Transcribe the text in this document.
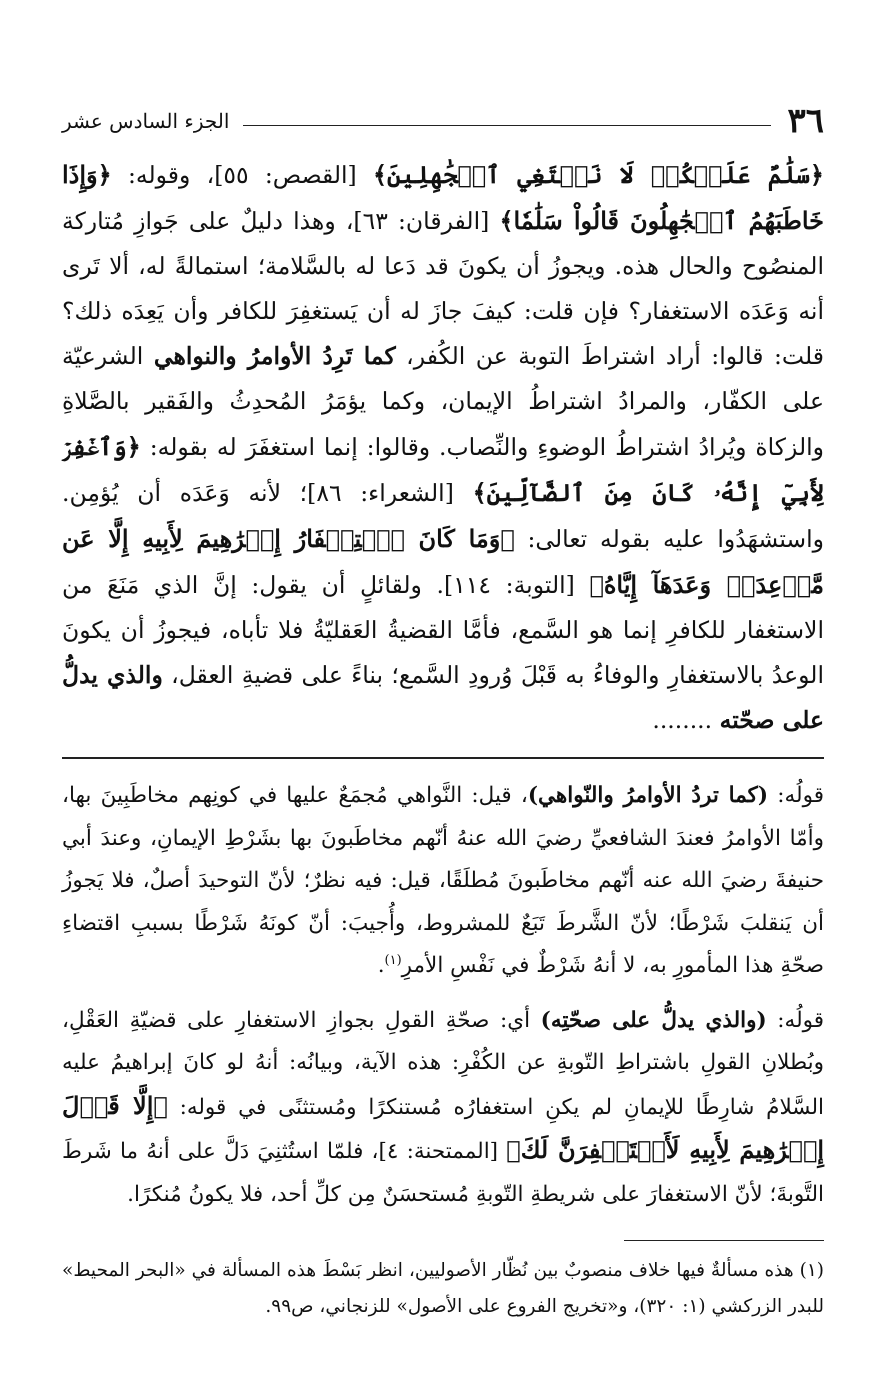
٣٦
الجزء السادس عشر

﴿سَلَٰمٌ عَلَيۡكُمۡ لَا نَبۡتَغِي ٱلۡجَٰهِلِينَ﴾ [القصص: ٥٥]، وقوله: ﴿وَإِذَا خَاطَبَهُمُ ٱلۡجَٰهِلُونَ قَالُواْ سَلَٰمٗا﴾ [الفرقان: ٦٣]، وهذا دليلٌ على جَوازِ مُتاركة المنصُوح والحال هذه. ويجوزُ أن يكونَ قد دَعا له بالسَّلامة؛ استمالةً له، ألا تَرى أنه وَعَدَه الاستغفار؟ فإن قلت: كيفَ جازَ له أن يَستغفِرَ للكافر وأن يَعِدَه ذلك؟ قلت: قالوا: أراد اشتراطَ التوبة عن الكُفر، كما تَرِدُ الأوامرُ والنواهي الشرعيّة على الكفّار، والمرادُ اشتراطُ الإيمان، وكما يؤمَرُ المُحدِثُ والفَقير بالصَّلاةِ والزكاة ويُرادُ اشتراطُ الوضوءِ والنِّصاب. وقالوا: إنما استغفَرَ له بقوله: ﴿وَٱغۡفِرۡ لِأَبِيٓ إِنَّهُۥ كَانَ مِنَ ٱلضَّآلِّينَ﴾ [الشعراء: ٨٦]؛ لأنه وَعَدَه أن يُؤمِن. واستشهَدُوا عليه بقوله تعالى: ﴿وَمَا كَانَ ٱسۡتِغۡفَارُ إِبۡرَٰهِيمَ لِأَبِيهِ إِلَّا عَن مَّوۡعِدَةٖ وَعَدَهَآ إِيَّاهُ﴾ [التوبة: ١١٤]. ولقائلٍ أن يقول: إنَّ الذي مَنَعَ من الاستغفار للكافرِ إنما هو السَّمع، فأمَّا القضيةُ العَقليّةُ فلا تأباه، فيجوزُ أن يكونَ الوعدُ بالاستغفارِ والوفاءُ به قَبْلَ وُرودِ السَّمع؛ بناءً على قضيةِ العقل، والذي يدلُّ على صحّته ........

قولُه: (كما تردُ الأوامرُ والنّواهي)، قيل: النَّواهي مُجمَعٌ عليها في كونِهم مخاطَبِينَ بها، وأمّا الأوامرُ فعندَ الشافعيِّ رضيَ الله عنهُ أنّهم مخاطَبونَ بها بشَرْطِ الإيمانِ، وعندَ أبي حنيفةَ رضيَ الله عنه أنّهم مخاطَبونَ مُطلَقًا، قيل: فيه نظرٌ؛ لأنّ التوحيدَ أصلٌ، فلا يَجوزُ أن يَنقلبَ شَرْطًا؛ لأنّ الشَّرطَ تَبَعٌ للمشروط، وأُجيبَ: أنّ كونَهُ شَرْطًا بسببِ اقتضاءِ صحّةِ هذا المأمورِ به، لا أنهُ شَرْطٌ في نَفْسِ الأمرِ$^{(١)}$.

قولُه: (والذي يدلُّ على صحّتِه) أي: صحّةِ القولِ بجوازِ الاستغفارِ على قضيّةِ العَقْلِ، وبُطلانِ القولِ باشتراطِ التّوبةِ عن الكُفْرِ: هذه الآية، وبيانُه: أنهُ لو كانَ إبراهيمُ عليه السَّلامُ شارِطًا للإيمانِ لم يكنِ استغفارُه مُستنكرًا ومُستثنًى في قوله: ﴿إِلَّا قَوۡلَ إِبۡرَٰهِيمَ لِأَبِيهِ لَأَسۡتَغۡفِرَنَّ لَكَ﴾ [الممتحنة: ٤]، فلمّا استُثنِيَ دَلَّ على أنهُ ما شَرطَ التَّوبةَ؛ لأنّ الاستغفارَ على شريطةِ التّوبةِ مُستحسَنٌ مِن كلِّ أحد، فلا يكونُ مُنكرًا.

(١) هذه مسألةٌ فيها خلاف منصوبٌ بين نُظّار الأصوليين، انظر بَسْطَ هذه المسألة في «البحر المحيط» للبدر الزركشي (١: ٣٢٠)، و«تخريج الفروع على الأصول» للزنجاني، ص٩٩.
